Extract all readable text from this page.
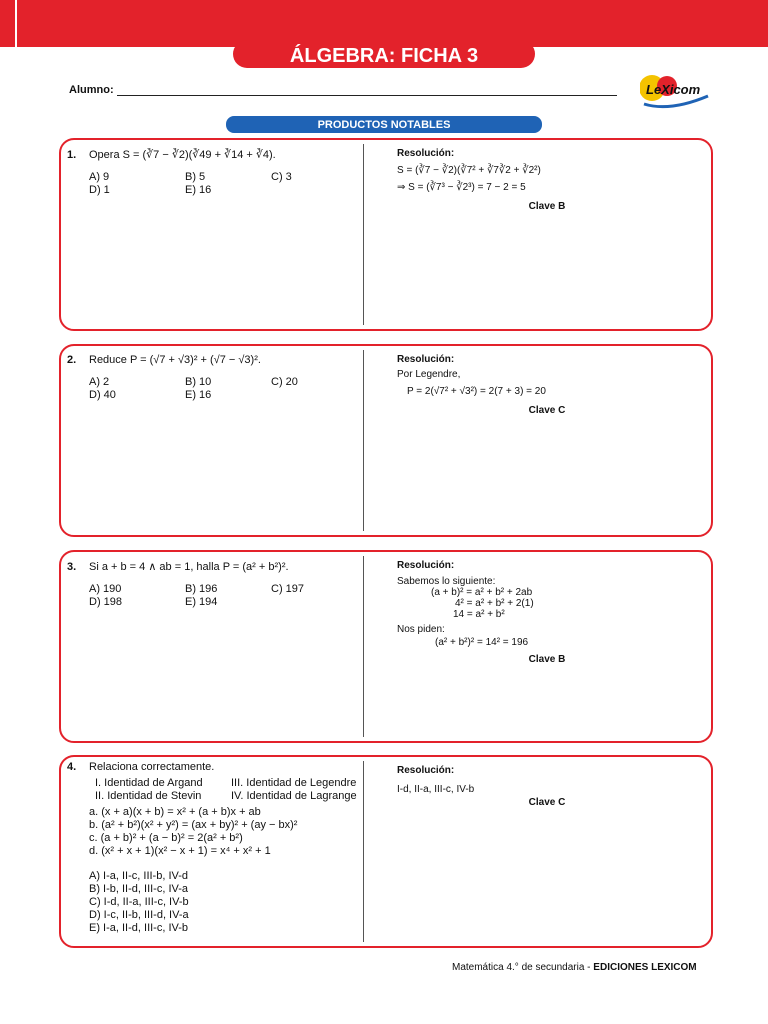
ÁLGEBRA: FICHA 3
Alumno:	LeXicom
PRODUCTOS NOTABLES
1. Opera S = (∛7 − ∛2)(∛49 + ∛14 + ∛4).
A) 9	B) 5	C) 3
D) 1	E) 16
Resolución:
S = (∛7 − ∛2)(∛7² + ∛7∛2 + ∛2²)
⇒ S = (∛7³ − ∛2³) = 7 − 2 = 5
Clave B
2. Reduce P = (√7 + √3)² + (√7 − √3)².
A) 2	B) 10	C) 20
D) 40	E) 16
Resolución:
Por Legendre,
P = 2(√7² + √3²) = 2(7 + 3) = 20
Clave C
3. Si a + b = 4 ∧ ab = 1, halla P = (a² + b²)².
A) 190	B) 196	C) 197
D) 198	E) 194
Resolución:
Sabemos lo siguiente:
(a + b)² = a² + b² + 2ab
4² = a² + b² + 2(1)
14 = a² + b²
Nos piden:
(a² + b²)² = 14² = 196
Clave B
4. Relaciona correctamente.
I. Identidad de Argand	III. Identidad de Legendre
II. Identidad de Stevin	IV. Identidad de Lagrange
a. (x + a)(x + b) = x² + (a + b)x + ab
b. (a² + b²)(x² + y²) = (ax + by)² + (ay − bx)²
c. (a + b)² + (a − b)² = 2(a² + b²)
d. (x² + x + 1)(x² − x + 1) = x⁴ + x² + 1
A) I-a, II-c, III-b, IV-d
B) I-b, II-d, III-c, IV-a
C) I-d, II-a, III-c, IV-b
D) I-c, II-b, III-d, IV-a
E) I-a, II-d, III-c, IV-b
Resolución:
I-d, II-a, III-c, IV-b
Clave C
Matemática 4.° de secundaria - EDICIONES LEXICOM
